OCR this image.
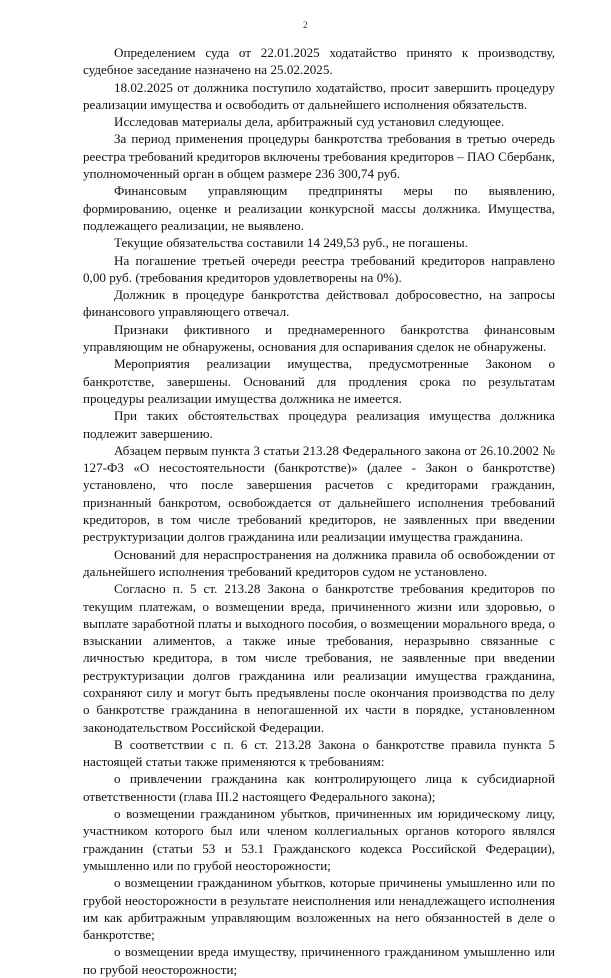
2

Определением суда от 22.01.2025 ходатайство принято к производству, судебное заседание назначено на 25.02.2025.

18.02.2025 от должника поступило ходатайство, просит завершить процедуру реализации имущества и освободить от дальнейшего исполнения обязательств.

Исследовав материалы дела, арбитражный суд установил следующее.

За период применения процедуры банкротства требования в третью очередь реестра требований кредиторов включены требования кредиторов – ПАО Сбербанк, уполномоченный орган в общем размере 236 300,74 руб.

Финансовым управляющим предприняты меры по выявлению, формированию, оценке и реализации конкурсной массы должника. Имущества, подлежащего реализации, не выявлено.

Текущие обязательства составили 14 249,53 руб., не погашены.

На погашение третьей очереди реестра требований кредиторов направлено 0,00 руб. (требования кредиторов удовлетворены на 0%).

Должник в процедуре банкротства действовал добросовестно, на запросы финансового управляющего отвечал.

Признаки фиктивного и преднамеренного банкротства финансовым управляющим не обнаружены, основания для оспаривания сделок не обнаружены.

Мероприятия реализации имущества, предусмотренные Законом о банкротстве, завершены. Оснований для продления срока по результатам процедуры реализации имущества должника не имеется.

При таких обстоятельствах процедура реализация имущества должника подлежит завершению.

Абзацем первым пункта 3 статьи 213.28 Федерального закона от 26.10.2002 № 127-ФЗ «О несостоятельности (банкротстве)» (далее - Закон о банкротстве) установлено, что после завершения расчетов с кредиторами гражданин, признанный банкротом, освобождается от дальнейшего исполнения требований кредиторов, в том числе требований кредиторов, не заявленных при введении реструктуризации долгов гражданина или реализации имущества гражданина.

Оснований для нераспространения на должника правила об освобождении от дальнейшего исполнения требований кредиторов судом не установлено.

Согласно п. 5 ст. 213.28 Закона о банкротстве требования кредиторов по текущим платежам, о возмещении вреда, причиненного жизни или здоровью, о выплате заработной платы и выходного пособия, о возмещении морального вреда, о взыскании алиментов, а также иные требования, неразрывно связанные с личностью кредитора, в том числе требования, не заявленные при введении реструктуризации долгов гражданина или реализации имущества гражданина, сохраняют силу и могут быть предъявлены после окончания производства по делу о банкротстве гражданина в непогашенной их части в порядке, установленном законодательством Российской Федерации.

В соответствии с п. 6 ст. 213.28 Закона о банкротстве правила пункта 5 настоящей статьи также применяются к требованиям:

о привлечении гражданина как контролирующего лица к субсидиарной ответственности (глава III.2 настоящего Федерального закона);

о возмещении гражданином убытков, причиненных им юридическому лицу, участником которого был или членом коллегиальных органов которого являлся гражданин (статьи 53 и 53.1 Гражданского кодекса Российской Федерации), умышленно или по грубой неосторожности;

о возмещении гражданином убытков, которые причинены умышленно или по грубой неосторожности в результате неисполнения или ненадлежащего исполнения им как арбитражным управляющим возложенных на него обязанностей в деле о банкротстве;

о возмещении вреда имуществу, причиненного гражданином умышленно или по грубой неосторожности;
